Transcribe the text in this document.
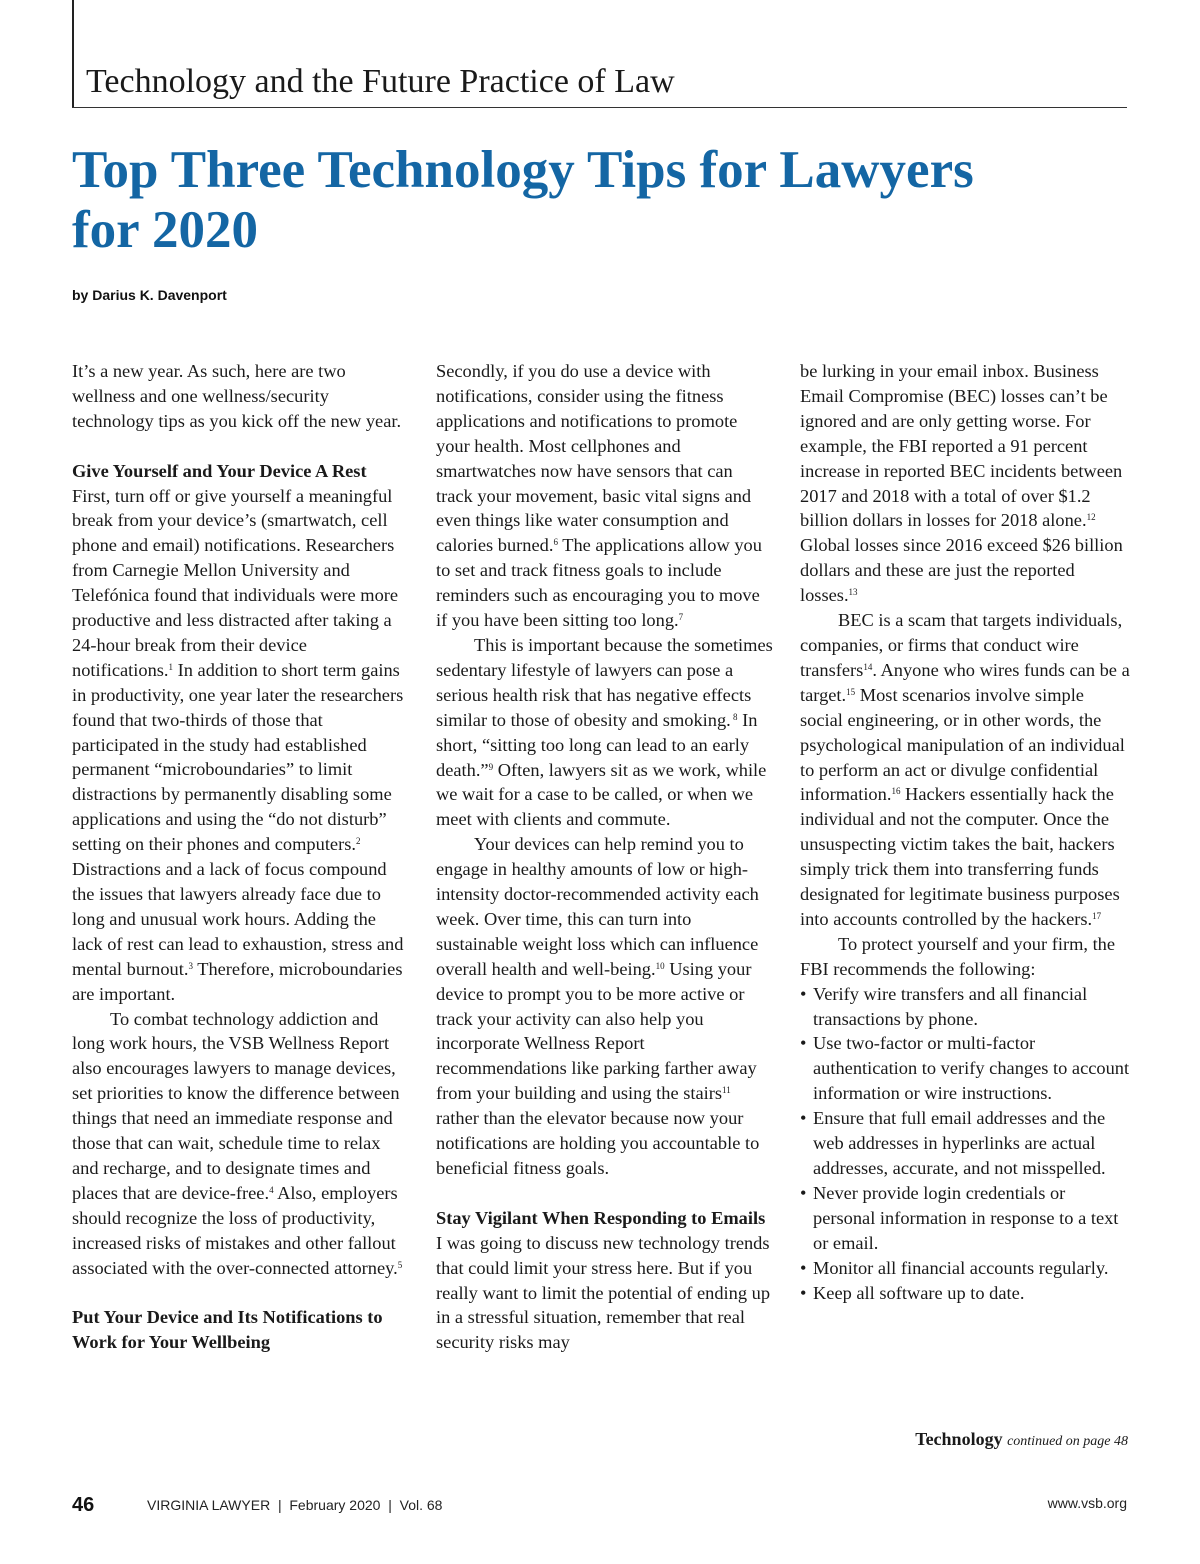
Technology and the Future Practice of Law
Top Three Technology Tips for Lawyers
for 2020
by Darius K. Davenport

It’s a new year. As such, here are two wellness and one wellness/security technology tips as you kick off the new year.

Give Yourself and Your Device A Rest

First, turn off or give yourself a meaningful break from your device’s (smartwatch, cell phone and email) notifications. Researchers from Carnegie Mellon University and Telefónica found that individuals were more productive and less distracted after taking a 24-hour break from their device notifications.$^1$ In addition to short term gains in productivity, one year later the researchers found that two-thirds of those that participated in the study had established permanent “microboundaries” to limit distractions by permanently disabling some applications and using the “do not disturb” setting on their phones and computers.$^2$ Distractions and a lack of focus compound the issues that lawyers already face due to long and unusual work hours. Adding the lack of rest can lead to exhaustion, stress and mental burnout.$^3$ Therefore, microboundaries are important.

To combat technology addiction and long work hours, the VSB Wellness Report also encourages lawyers to manage devices, set priorities to know the difference between things that need an immediate response and those that can wait, schedule time to relax and recharge, and to designate times and places that are device-free.$^4$ Also, employers should recognize the loss of productivity, increased risks of mistakes and other fallout associated with the over-connected attorney.$^5$

Put Your Device and Its Notifications to Work for Your Wellbeing

Secondly, if you do use a device with notifications, consider using the fitness applications and notifications to promote your health. Most cellphones and smartwatches now have sensors that can track your movement, basic vital signs and even things like water consumption and calories burned.$^6$ The applications allow you to set and track fitness goals to include reminders such as encouraging you to move if you have been sitting too long.$^7$

This is important because the sometimes sedentary lifestyle of lawyers can pose a serious health risk that has negative effects similar to those of obesity and smoking. $^8$ In short, “sitting too long can lead to an early death.”$^9$ Often, lawyers sit as we work, while we wait for a case to be called, or when we meet with clients and commute.

Your devices can help remind you to engage in healthy amounts of low or high-intensity doctor-recommended activity each week. Over time, this can turn into sustainable weight loss which can influence overall health and well-being.$^{10}$ Using your device to prompt you to be more active or track your activity can also help you incorporate Wellness Report recommendations like parking farther away from your building and using the stairs$^{11}$ rather than the elevator because now your notifications are holding you accountable to beneficial fitness goals.

Stay Vigilant When Responding to Emails

I was going to discuss new technology trends that could limit your stress here. But if you really want to limit the potential of ending up in a stressful situation, remember that real security risks may

be lurking in your email inbox. Business Email Compromise (BEC) losses can’t be ignored and are only getting worse. For example, the FBI reported a 91 percent increase in reported BEC incidents between 2017 and 2018 with a total of over $1.2 billion dollars in losses for 2018 alone.$^{12}$ Global losses since 2016 exceed $26 billion dollars and these are just the reported losses.$^{13}$

BEC is a scam that targets individuals, companies, or firms that conduct wire transfers$^{14}$. Anyone who wires funds can be a target.$^{15}$ Most scenarios involve simple social engineering, or in other words, the psychological manipulation of an individual to perform an act or divulge confidential information.$^{16}$ Hackers essentially hack the individual and not the computer. Once the unsuspecting victim takes the bait, hackers simply trick them into transferring funds designated for legitimate business purposes into accounts controlled by the hackers.$^{17}$

To protect yourself and your firm, the FBI recommends the following:

• Verify wire transfers and all financial transactions by phone.
• Use two-factor or multi-factor authentication to verify changes to account information or wire instructions.
• Ensure that full email addresses and the web addresses in hyperlinks are actual addresses, accurate, and not misspelled.
• Never provide login credentials or personal information in response to a text or email.
• Monitor all financial accounts regularly.
• Keep all software up to date.
Technology continued on page 48
46	VIRGINIA LAWYER  |  February 2020  |  Vol. 68	www.vsb.org
